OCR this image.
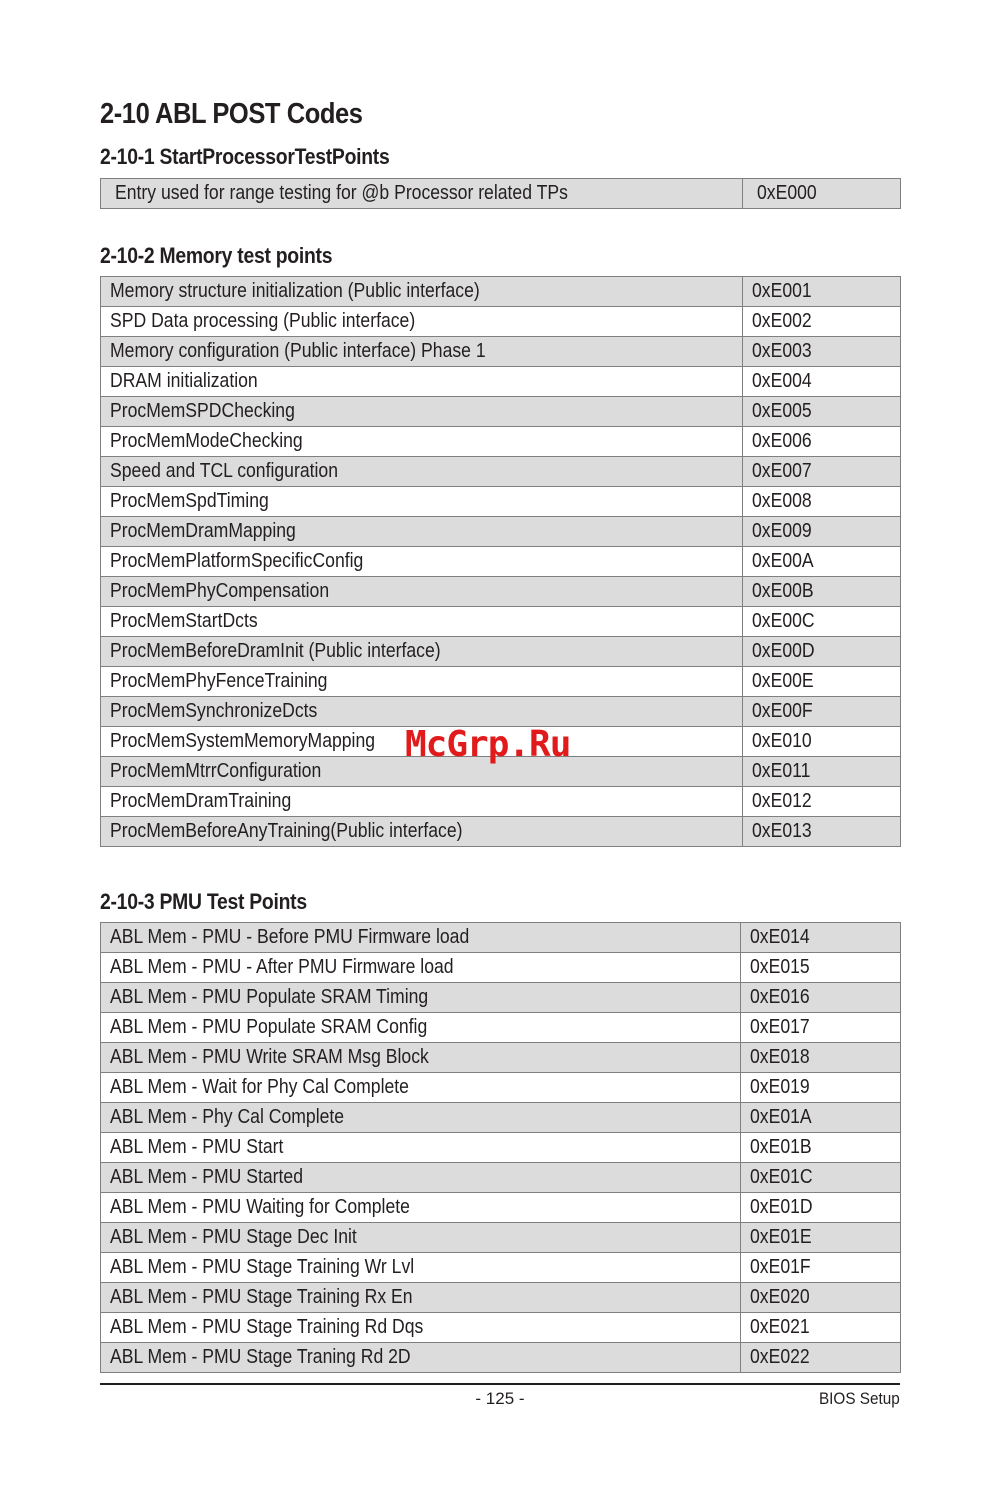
2-10 ABL POST Codes
2-10-1 StartProcessorTestPoints
Entry used for range testing for @b Processor related TPs	0xE000
2-10-2 Memory test points
Memory structure initialization (Public interface)	0xE001
SPD Data processing (Public interface)	0xE002
Memory configuration (Public interface) Phase 1	0xE003
DRAM initialization	0xE004
ProcMemSPDChecking	0xE005
ProcMemModeChecking	0xE006
Speed and TCL configuration	0xE007
ProcMemSpdTiming	0xE008
ProcMemDramMapping	0xE009
ProcMemPlatformSpecificConfig	0xE00A
ProcMemPhyCompensation	0xE00B
ProcMemStartDcts	0xE00C
ProcMemBeforeDramInit (Public interface)	0xE00D
ProcMemPhyFenceTraining	0xE00E
ProcMemSynchronizeDcts	0xE00F
ProcMemSystemMemoryMapping	0xE010
ProcMemMtrrConfiguration	0xE011
ProcMemDramTraining	0xE012
ProcMemBeforeAnyTraining(Public interface)	0xE013
2-10-3 PMU Test Points
ABL Mem - PMU - Before PMU Firmware load	0xE014
ABL Mem - PMU - After PMU Firmware load	0xE015
ABL Mem - PMU Populate SRAM Timing	0xE016
ABL Mem - PMU Populate SRAM Config	0xE017
ABL Mem - PMU Write SRAM Msg Block	0xE018
ABL Mem - Wait for Phy Cal Complete	0xE019
ABL Mem - Phy Cal Complete	0xE01A
ABL Mem - PMU Start	0xE01B
ABL Mem - PMU Started	0xE01C
ABL Mem - PMU Waiting for Complete	0xE01D
ABL Mem - PMU Stage Dec Init	0xE01E
ABL Mem - PMU Stage Training Wr Lvl	0xE01F
ABL Mem - PMU Stage Training Rx En	0xE020
ABL Mem - PMU Stage Training Rd Dqs	0xE021
ABL Mem - PMU Stage Traning Rd 2D	0xE022
McGrp.Ru
- 125 -	BIOS Setup
